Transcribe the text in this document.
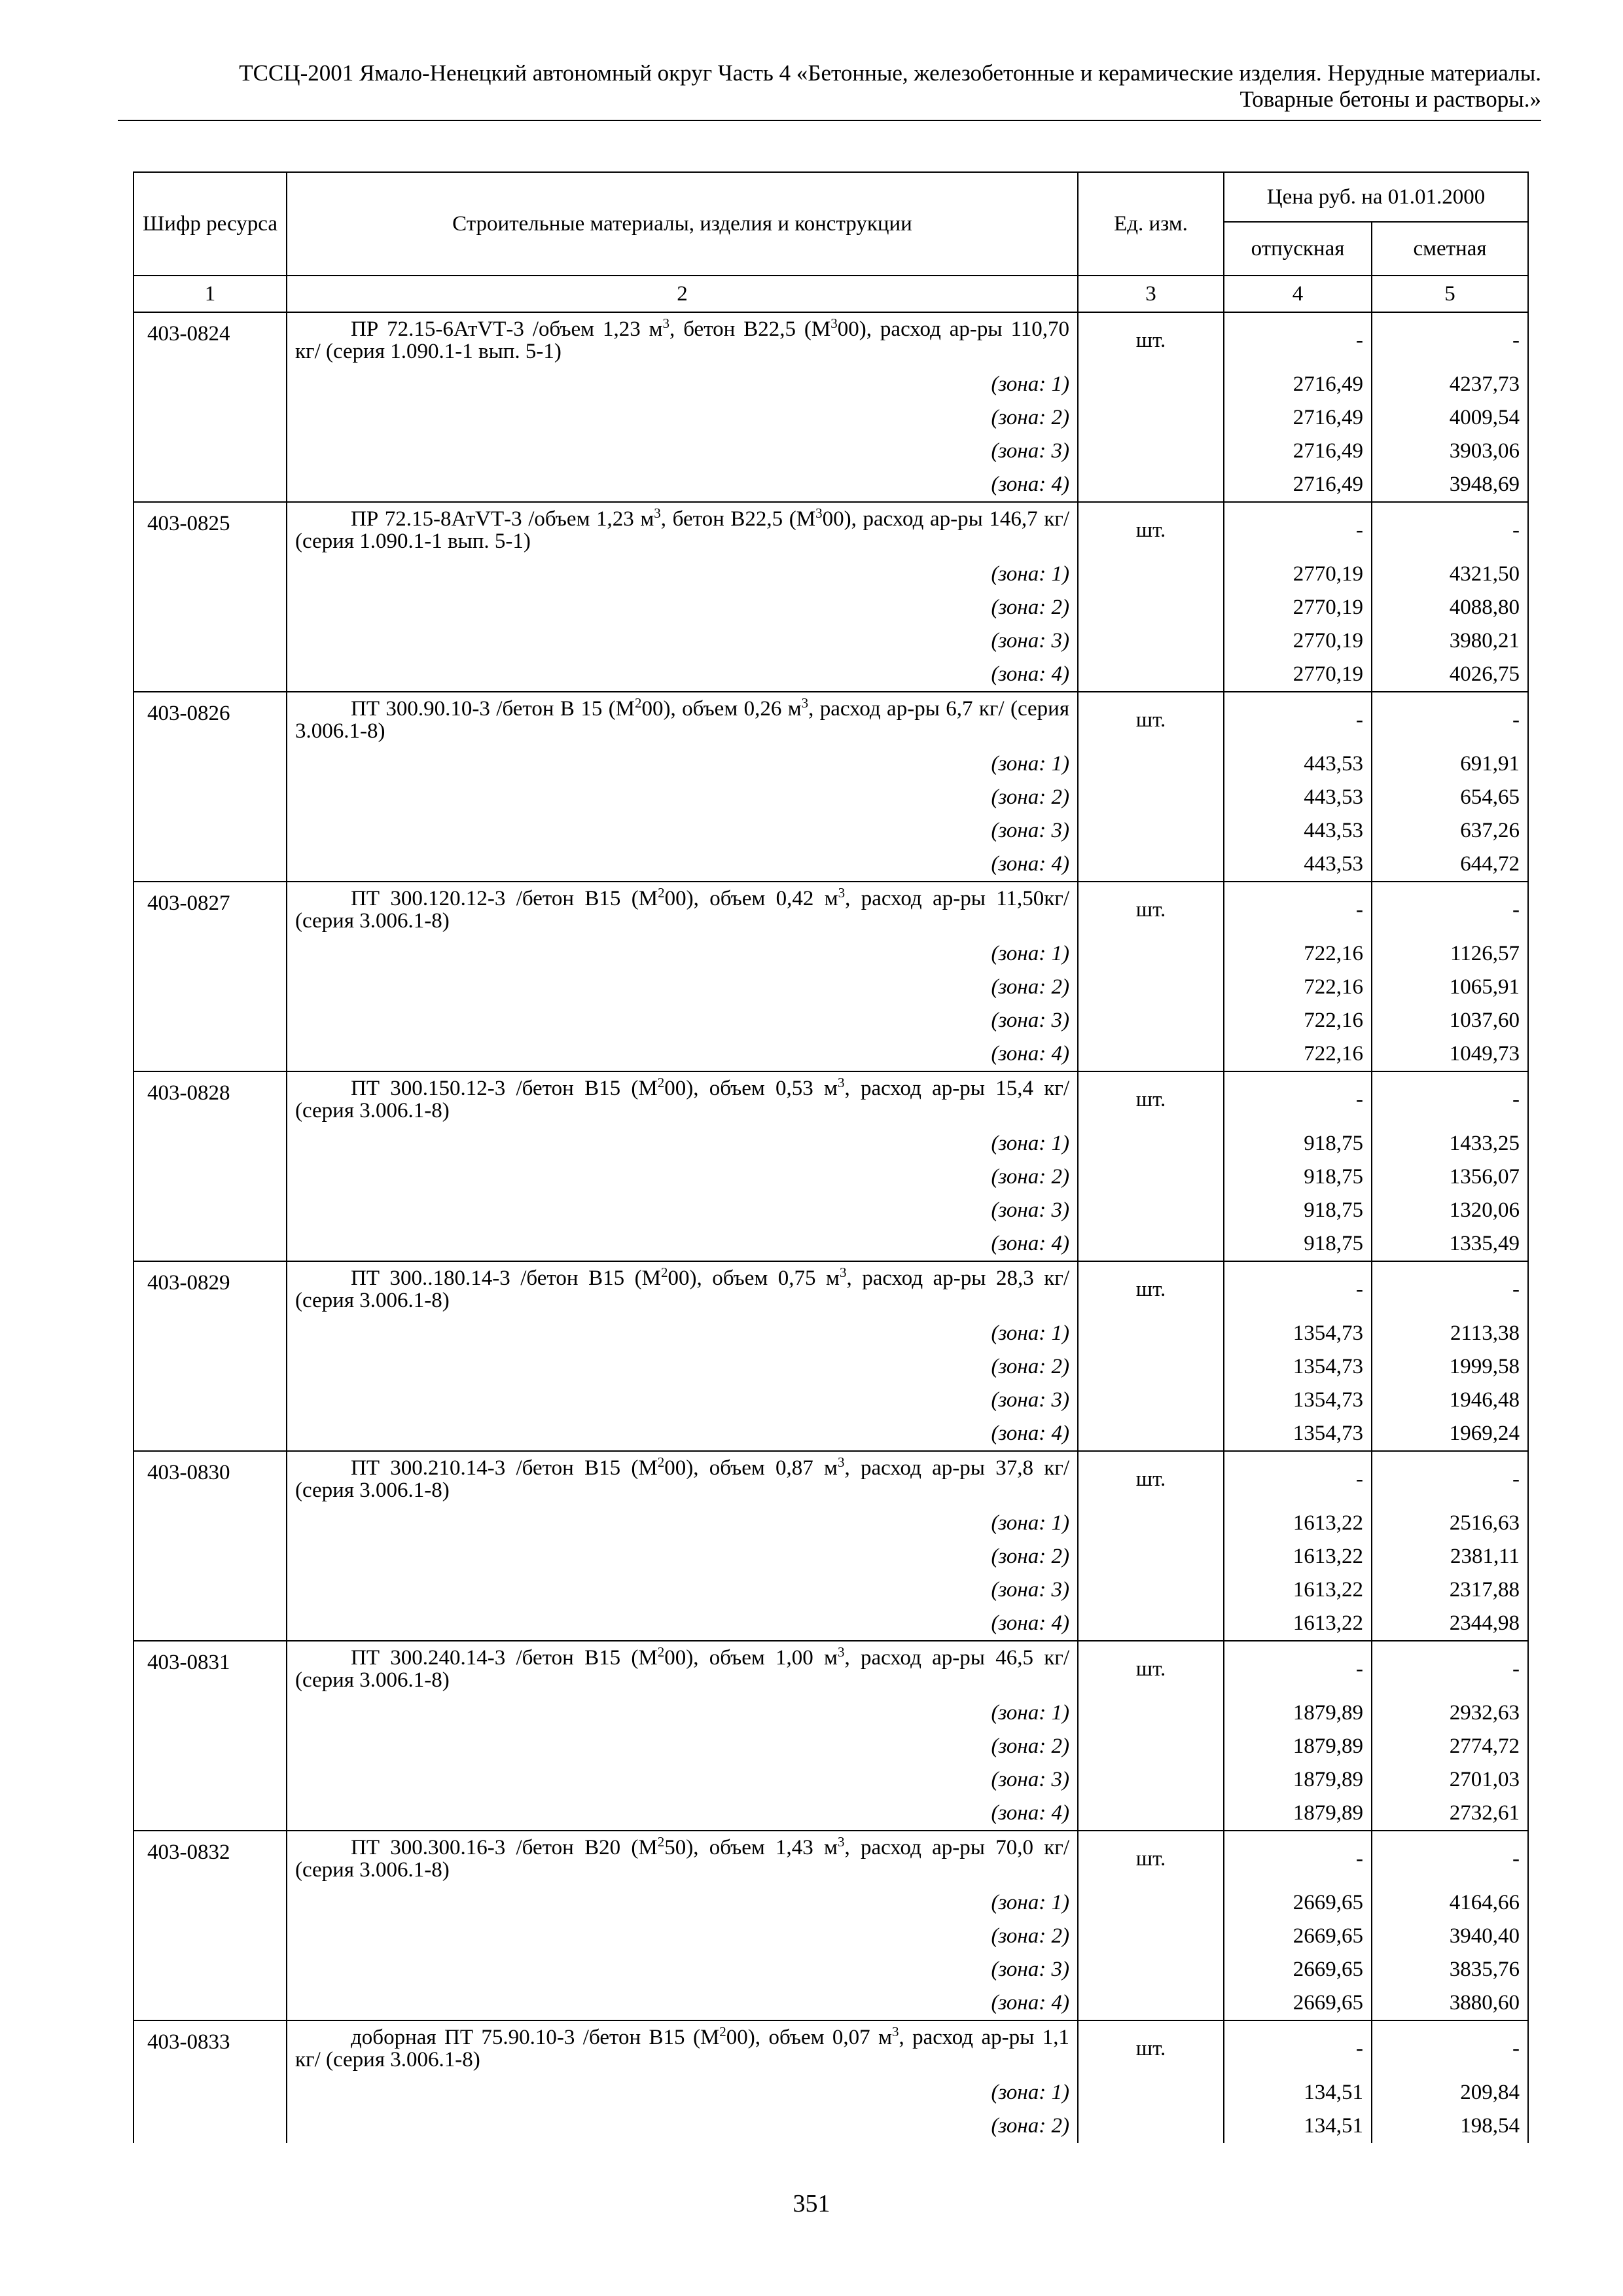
ТССЦ-2001 Ямало-Ненецкий автономный округ Часть 4 «Бетонные, железобетонные и керамические изделия. Нерудные материалы.
Товарные бетоны и растворы.»
Шифр ресурса	Строительные материалы, изделия и конструкции	Ед. изм.	Цена руб. на 01.01.2000	
			отпускная	сметная
1	2	3	4	5
403-0824	ПР 72.15-6АтVТ-3 /объем 1,23 $м^3$, бетон В22,5 $(М^300)$, расход ар-ры 110,70 кг/ (серия 1.090.1-1 вып. 5-1)	шт.	-	-
	(зона: 1)		2716,49	4237,73
	(зона: 2)		2716,49	4009,54
	(зона: 3)		2716,49	3903,06
	(зона: 4)		2716,49	3948,69
403-0825	ПР 72.15-8АтVТ-3 /объем 1,23 $м^3$, бетон В22,5 $(М^300)$, расход ар-ры 146,7 кг/ (серия 1.090.1-1 вып. 5-1)	шт.	-	-
	(зона: 1)		2770,19	4321,50
	(зона: 2)		2770,19	4088,80
	(зона: 3)		2770,19	3980,21
	(зона: 4)		2770,19	4026,75
403-0826	ПТ 300.90.10-3 /бетон В 15 $(М^200)$, объем 0,26 $м^3$, расход ар-ры 6,7 кг/ (серия 3.006.1-8)	шт.	-	-
	(зона: 1)		443,53	691,91
	(зона: 2)		443,53	654,65
	(зона: 3)		443,53	637,26
	(зона: 4)		443,53	644,72
403-0827	ПТ 300.120.12-3 /бетон В15 $(М^200)$, объем 0,42 $м^3$, расход ар-ры 11,50кг/ (серия 3.006.1-8)	шт.	-	-
	(зона: 1)		722,16	1126,57
	(зона: 2)		722,16	1065,91
	(зона: 3)		722,16	1037,60
	(зона: 4)		722,16	1049,73
403-0828	ПТ 300.150.12-3 /бетон В15 $(М^200)$, объем 0,53 $м^3$, расход ар-ры 15,4 кг/ (серия 3.006.1-8)	шт.	-	-
	(зона: 1)		918,75	1433,25
	(зона: 2)		918,75	1356,07
	(зона: 3)		918,75	1320,06
	(зона: 4)		918,75	1335,49
403-0829	ПТ 300..180.14-3 /бетон В15 $(М^200)$, объем 0,75 $м^3$, расход ар-ры 28,3 кг/ (серия 3.006.1-8)	шт.	-	-
	(зона: 1)		1354,73	2113,38
	(зона: 2)		1354,73	1999,58
	(зона: 3)		1354,73	1946,48
	(зона: 4)		1354,73	1969,24
403-0830	ПТ 300.210.14-3 /бетон В15 $(М^200)$, объем 0,87 $м^3$, расход ар-ры 37,8 кг/ (серия 3.006.1-8)	шт.	-	-
	(зона: 1)		1613,22	2516,63
	(зона: 2)		1613,22	2381,11
	(зона: 3)		1613,22	2317,88
	(зона: 4)		1613,22	2344,98
403-0831	ПТ 300.240.14-3 /бетон В15 $(М^200)$, объем 1,00 $м^3$, расход ар-ры 46,5 кг/ (серия 3.006.1-8)	шт.	-	-
	(зона: 1)		1879,89	2932,63
	(зона: 2)		1879,89	2774,72
	(зона: 3)		1879,89	2701,03
	(зона: 4)		1879,89	2732,61
403-0832	ПТ 300.300.16-3 /бетон В20 $(М^250)$, объем 1,43 $м^3$, расход ар-ры 70,0 кг/ (серия 3.006.1-8)	шт.	-	-
	(зона: 1)		2669,65	4164,66
	(зона: 2)		2669,65	3940,40
	(зона: 3)		2669,65	3835,76
	(зона: 4)		2669,65	3880,60
403-0833	доборная ПТ 75.90.10-3 /бетон В15 $(М^200)$, объем 0,07 $м^3$, расход ар-ры 1,1 кг/ (серия 3.006.1-8)	шт.	-	-
	(зона: 1)		134,51	209,84
	(зона: 2)		134,51	198,54
351
